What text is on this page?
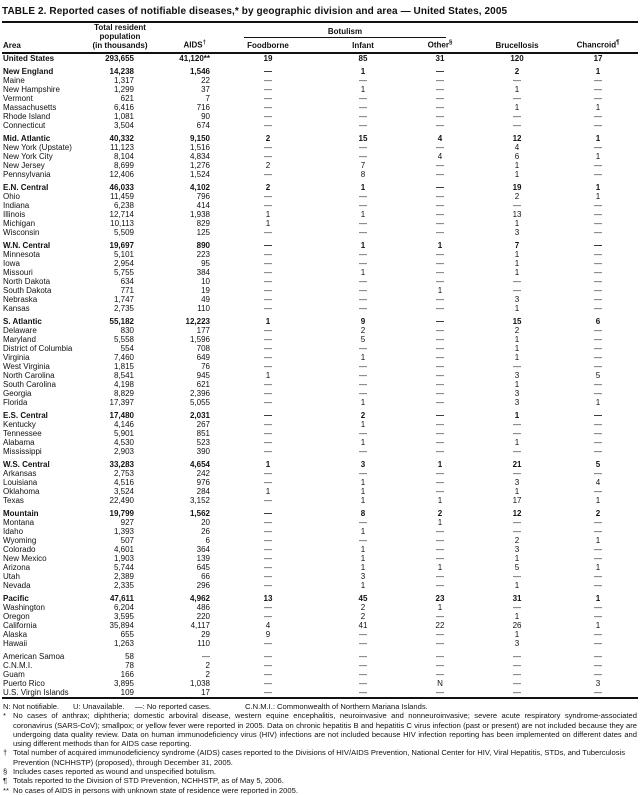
TABLE 2. Reported cases of notifiable diseases,* by geographic division and area — United States, 2005
Area	Total resident
population
(in thousands)	AIDS†	Botulism			Brucellosis	Chancroid¶
			Foodborne	Infant	Other§
United States	293,655	41,120**	19	85	31	120	17
New England	14,238	1,546	—	1	—	2	1
Maine	1,317	22	—	—	—	—	—
New Hampshire	1,299	37	—	1	—	1	—
Vermont	621	7	—	—	—	—	—
Massachusetts	6,416	716	—	—	—	1	1
Rhode Island	1,081	90	—	—	—	—	—
Connecticut	3,504	674	—	—	—	—	—
Mid. Atlantic	40,332	9,150	2	15	4	12	1
New York (Upstate)	11,123	1,516	—	—	—	4	—
New York City	8,104	4,834	—	—	4	6	1
New Jersey	8,699	1,276	2	7	—	1	—
Pennsylvania	12,406	1,524	—	8	—	1	—
E.N. Central	46,033	4,102	2	1	—	19	1
Ohio	11,459	796	—	—	—	2	1
Indiana	6,238	414	—	—	—	—	—
Illinois	12,714	1,938	1	1	—	13	—
Michigan	10,113	829	1	—	—	1	—
Wisconsin	5,509	125	—	—	—	3	—
W.N. Central	19,697	890	—	1	1	7	—
Minnesota	5,101	223	—	—	—	1	—
Iowa	2,954	95	—	—	—	1	—
Missouri	5,755	384	—	1	—	1	—
North Dakota	634	10	—	—	—	—	—
South Dakota	771	19	—	—	1	—	—
Nebraska	1,747	49	—	—	—	3	—
Kansas	2,735	110	—	—	—	1	—
S. Atlantic	55,182	12,223	1	9	—	15	6
Delaware	830	177	—	2	—	2	—
Maryland	5,558	1,596	—	5	—	1	—
District of Columbia	554	708	—	—	—	1	—
Virginia	7,460	649	—	1	—	1	—
West Virginia	1,815	76	—	—	—	—	—
North Carolina	8,541	945	1	—	—	3	5
South Carolina	4,198	621	—	—	—	1	—
Georgia	8,829	2,396	—	—	—	3	—
Florida	17,397	5,055	—	1	—	3	1
E.S. Central	17,480	2,031	—	2	—	1	—
Kentucky	4,146	267	—	1	—	—	—
Tennessee	5,901	851	—	—	—	—	—
Alabama	4,530	523	—	1	—	1	—
Mississippi	2,903	390	—	—	—	—	—
W.S. Central	33,283	4,654	1	3	1	21	5
Arkansas	2,753	242	—	—	—	—	—
Louisiana	4,516	976	—	1	—	3	4
Oklahoma	3,524	284	1	1	—	1	—
Texas	22,490	3,152	—	1	1	17	1
Mountain	19,799	1,562	—	8	2	12	2
Montana	927	20	—	—	1	—	—
Idaho	1,393	26	—	1	—	—	—
Wyoming	507	6	—	—	—	2	1
Colorado	4,601	364	—	1	—	3	—
New Mexico	1,903	139	—	1	—	1	—
Arizona	5,744	645	—	1	1	5	1
Utah	2,389	66	—	3	—	—	—
Nevada	2,335	296	—	1	—	1	—
Pacific	47,611	4,962	13	45	23	31	1
Washington	6,204	486	—	2	1	—	—
Oregon	3,595	220	—	2	—	1	—
California	35,894	4,117	4	41	22	26	1
Alaska	655	29	9	—	—	1	—
Hawaii	1,263	110	—	—	—	3	—
American Samoa	58	—	—	—	—	—	—
C.N.M.I.	78	2	—	—	—	—	—
Guam	166	2	—	—	—	—	—
Puerto Rico	3,895	1,038	—	—	N	—	3
U.S. Virgin Islands	109	17	—	—	—	—	—
N: Not notifiable.	U: Unavailable.	—: No reported cases.	C.N.M.I.: Commonwealth of Northern Mariana Islands.
* No cases of anthrax; diphtheria; domestic arboviral disease, western equine encephalitis, neuroinvasive and nonneuroinvasive; severe acute respiratory syndrome-associated coronavirus (SARS-CoV); smallpox; or yellow fever were reported in 2005. Data on chronic hepatitis B and hepatitis C virus infection (past or present) are not included because they are undergoing data quality review. Data on human immunodeficiency virus (HIV) infections are not included because HIV infection reporting has been implemented on different dates and using different methods than for AIDS case reporting.
† Total number of acquired immunodeficiency syndrome (AIDS) cases reported to the Divisions of HIV/AIDS Prevention, National Center for HIV, Viral Hepatitis, STDs, and Tuberculosis Prevention (NCHHSTP) (proposed), through December 31, 2005.
§ Includes cases reported as wound and unspecified botulism.
¶ Totals reported to the Division of STD Prevention, NCHHSTP, as of May 5, 2006.
** No cases of AIDS in persons with unknown state of residence were reported in 2005.
